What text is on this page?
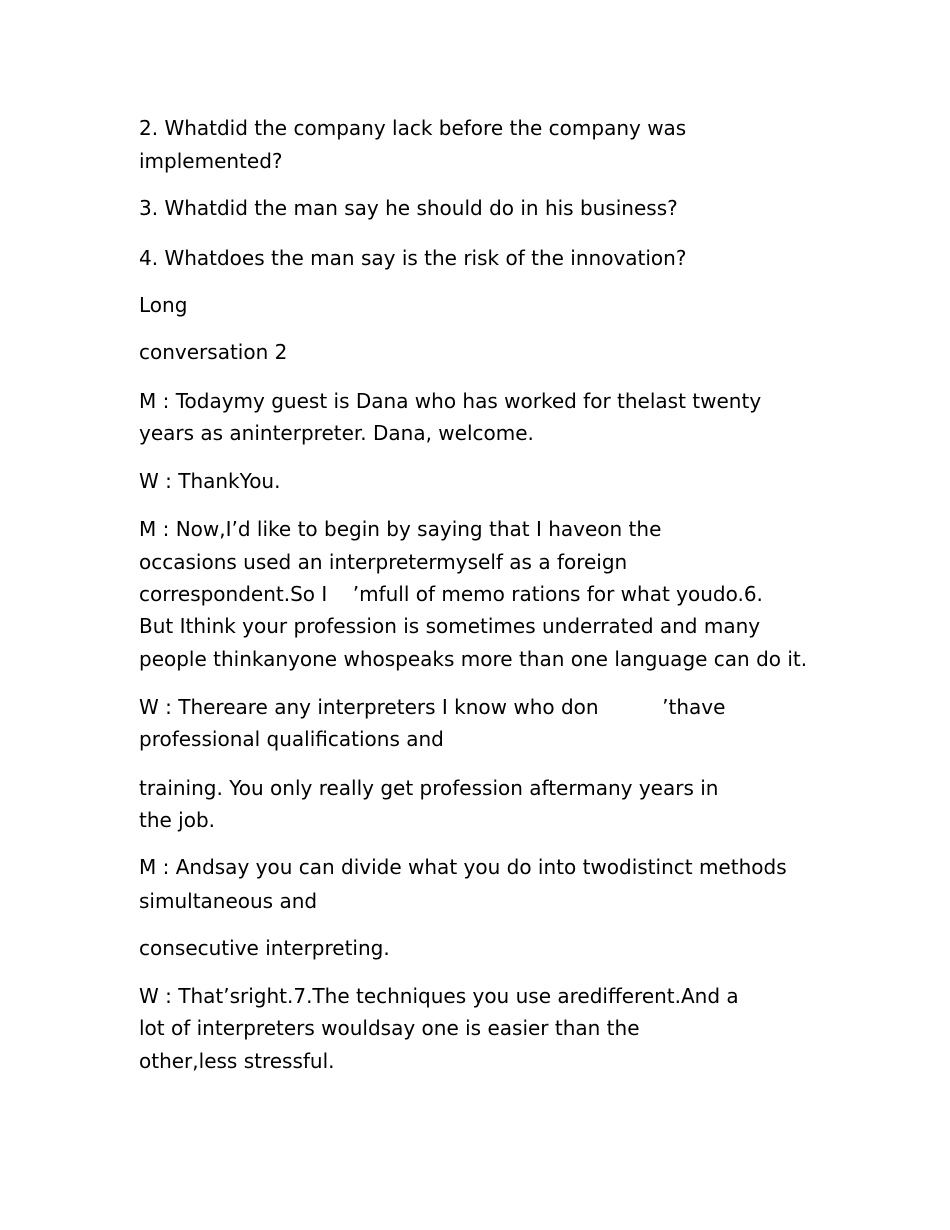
2. Whatdid the company lack before the company was
implemented?
3. Whatdid the man say he should do in his business?
4. Whatdoes the man say is the risk of the innovation?
Long
conversation 2
M : Todaymy guest is Dana who has worked for thelast twenty
years as aninterpreter. Dana, welcome.
W : ThankYou.
M : Now,I’d like to begin by saying that I haveon the
occasions used an interpretermyself as a foreign
correspondent.So I    ’mfull of memo rations for what youdo.6.
But Ithink your profession is sometimes underrated and many
people thinkanyone whospeaks more than one language can do it.
W : Thereare any interpreters I know who don          ’thave
professional qualifications and
training. You only really get profession aftermany years in
the job.
M : Andsay you can divide what you do into twodistinct methods
simultaneous and
consecutive interpreting.
W : That’sright.7.The techniques you use aredifferent.And a
lot of interpreters wouldsay one is easier than the
other,less stressful.
